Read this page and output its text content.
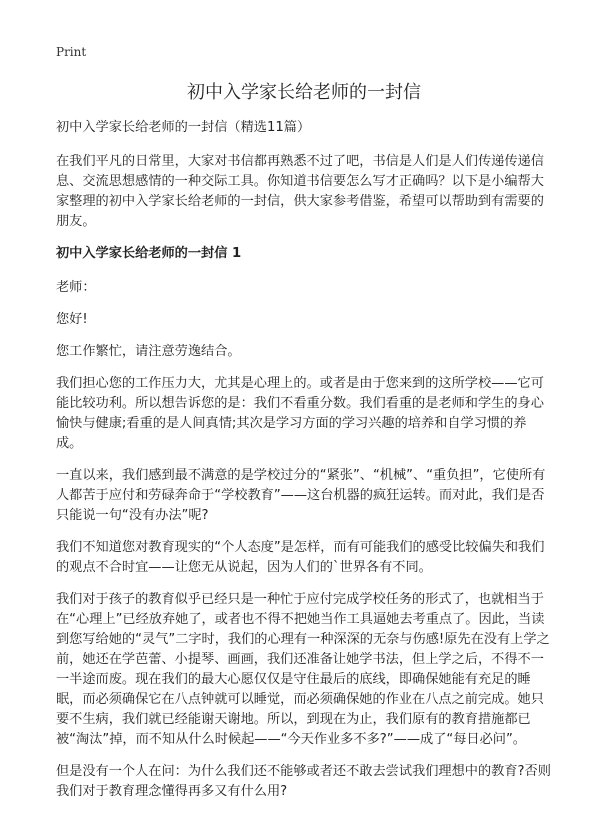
Print
初中入学家长给老师的一封信

初中入学家长给老师的一封信（精选11篇）

在我们平凡的日常里，大家对书信都再熟悉不过了吧，书信是人们是人们传递传递信息、交流思想感情的一种交际工具。你知道书信要怎么写才正确吗？以下是小编帮大家整理的初中入学家长给老师的一封信，供大家参考借鉴，希望可以帮助到有需要的朋友。

初中入学家长给老师的一封信 1

老师：

您好!

您工作繁忙，请注意劳逸结合。

我们担心您的工作压力大，尤其是心理上的。或者是由于您来到的这所学校——它可能比较功利。所以想告诉您的是：我们不看重分数。我们看重的是老师和学生的身心愉快与健康;看重的是人间真情;其次是学习方面的学习兴趣的培养和自学习惯的养成。

一直以来，我们感到最不满意的是学校过分的“紧张”、“机械”、“重负担”，它使所有人都苦于应付和劳碌奔命于“学校教育”——这台机器的疯狂运转。而对此，我们是否只能说一句“没有办法”呢?

我们不知道您对教育现实的“个人态度”是怎样，而有可能我们的感受比较偏失和我们的观点不合时宜——让您无从说起，因为人们的`世界各有不同。

我们对于孩子的教育似乎已经只是一种忙于应付完成学校任务的形式了，也就相当于在“心理上”已经放弃她了，或者也不得不把她当作工具逼她去考重点了。因此，当读到您写给她的“灵气”二字时，我们的心理有一种深深的无奈与伤感!原先在没有上学之前，她还在学芭蕾、小提琴、画画，我们还准备让她学书法，但上学之后，不得不一一半途而废。现在我们的最大心愿仅仅是守住最后的底线，即确保她能有充足的睡眠，而必须确保它在八点钟就可以睡觉，而必须确保她的作业在八点之前完成。她只要不生病，我们就已经能谢天谢地。所以，到现在为止，我们原有的教育措施都已被“淘汰”掉，而不知从什么时候起——“今天作业多不多?”——成了“每日必问”。

但是没有一个人在问：为什么我们还不能够或者还不敢去尝试我们理想中的教育?否则我们对于教育理念懂得再多又有什么用?
